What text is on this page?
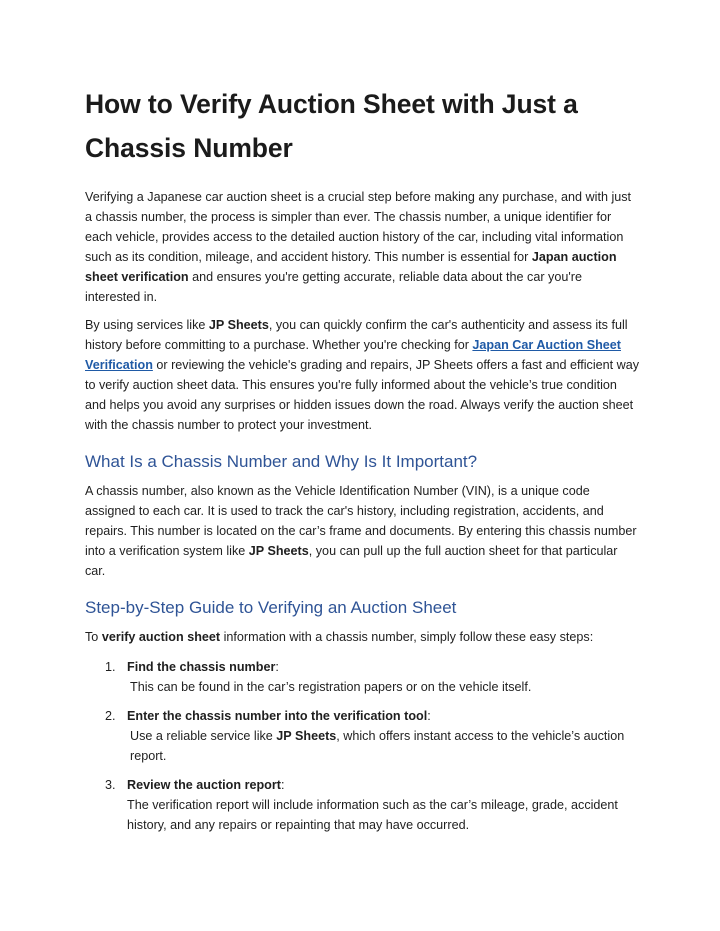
How to Verify Auction Sheet with Just a Chassis Number

Verifying a Japanese car auction sheet is a crucial step before making any purchase, and with just a chassis number, the process is simpler than ever. The chassis number, a unique identifier for each vehicle, provides access to the detailed auction history of the car, including vital information such as its condition, mileage, and accident history. This number is essential for Japan auction sheet verification and ensures you're getting accurate, reliable data about the car you're interested in.

By using services like JP Sheets, you can quickly confirm the car's authenticity and assess its full history before committing to a purchase. Whether you're checking for Japan Car Auction Sheet Verification or reviewing the vehicle's grading and repairs, JP Sheets offers a fast and efficient way to verify auction sheet data. This ensures you're fully informed about the vehicle’s true condition and helps you avoid any surprises or hidden issues down the road. Always verify the auction sheet with the chassis number to protect your investment.

What Is a Chassis Number and Why Is It Important?

A chassis number, also known as the Vehicle Identification Number (VIN), is a unique code assigned to each car. It is used to track the car's history, including registration, accidents, and repairs. This number is located on the car’s frame and documents. By entering this chassis number into a verification system like JP Sheets, you can pull up the full auction sheet for that particular car.

Step-by-Step Guide to Verifying an Auction Sheet

To verify auction sheet information with a chassis number, simply follow these easy steps:

1. Find the chassis number:
This can be found in the car’s registration papers or on the vehicle itself.
2. Enter the chassis number into the verification tool:
Use a reliable service like JP Sheets, which offers instant access to the vehicle’s auction report.
3. Review the auction report:
The verification report will include information such as the car’s mileage, grade, accident history, and any repairs or repainting that may have occurred.
